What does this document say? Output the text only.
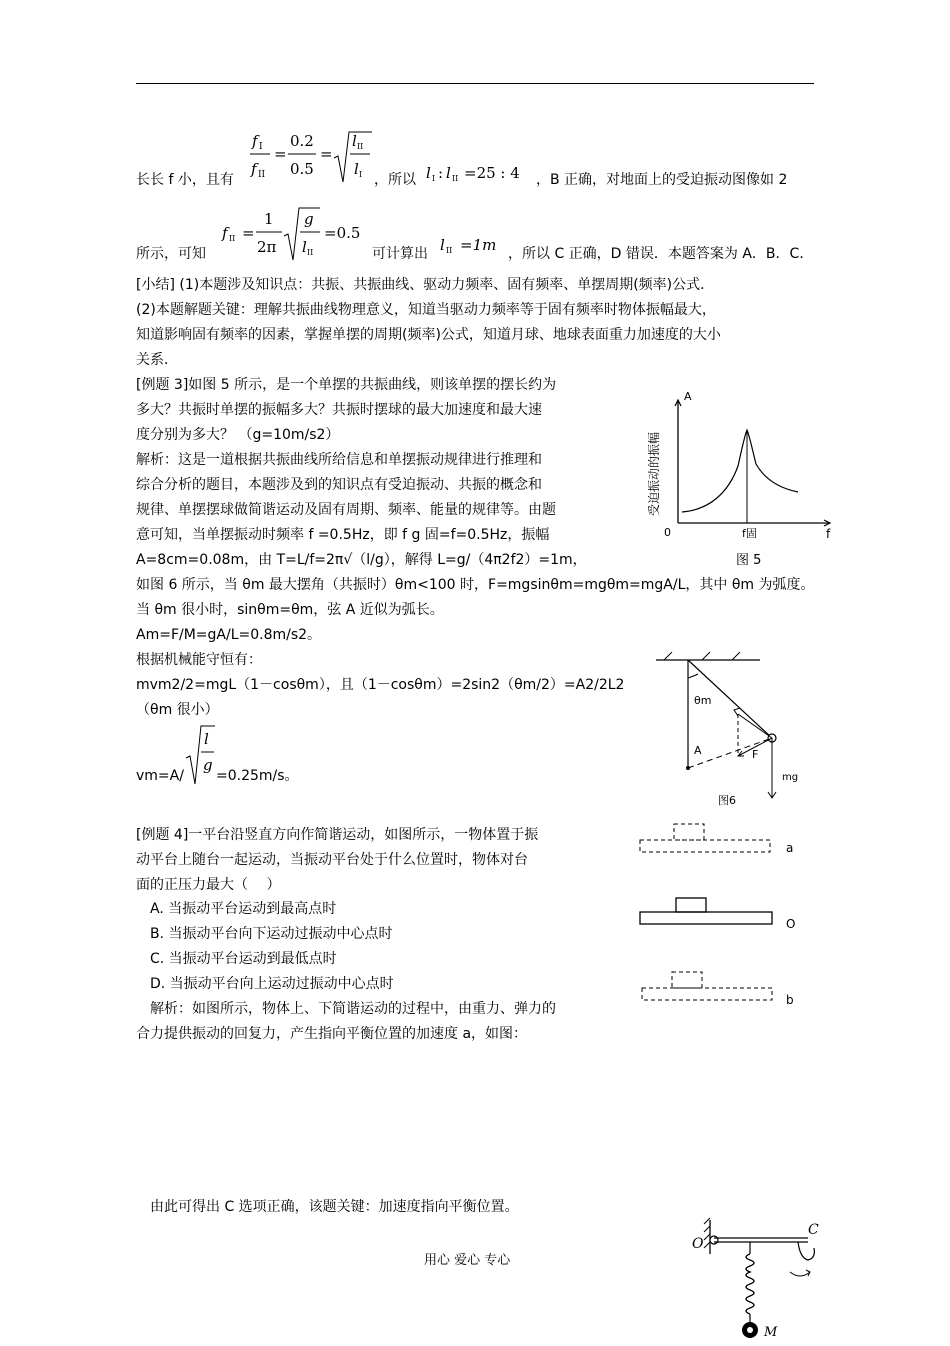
长长 f 小，且有
f I
f II
=
0.2
0.5
=
l II
l I ，所以 l I : l II =25 : 4 ，B 正确，对地面上的受迫振动图像如 2
所示，可知
f II =
1
2π
g
l II
=0.5
可计算出 l II =1m ，所以 C 正确，D 错误．本题答案为 A．B．C．
[小结] (1)本题涉及知识点：共振、共振曲线、驱动力频率、固有频率、单摆周期(频率)公式．
(2)本题解题关键：理解共振曲线物理意义，知道当驱动力频率等于固有频率时物体振幅最大，
知道影响固有频率的因素，掌握单摆的周期(频率)公式，知道月球、地球表面重力加速度的大小
关系．
[例题 3]如图 5 所示，是一个单摆的共振曲线，则该单摆的摆长约为
多大？共振时单摆的振幅多大？共振时摆球的最大加速度和最大速
度分别为多大？ （g=10m/s2）
解析：这是一道根据共振曲线所给信息和单摆振动规律进行推理和
综合分析的题目，本题涉及到的知识点有受迫振动、共振的概念和
规律、单摆摆球做简谐运动及固有周期、频率、能量的规律等。由题
意可知，当单摆振动时频率 f =0.5Hz，即 f g 固=f=0.5Hz，振幅
A=8cm=0.08m，由 T=L/f=2π√（l/g），解得 L=g/（4π2f2）=1m，
如图 6 所示，当 θm 最大摆角（共振时）θm<100 时，F=mgsinθm=mgθm=mgA/L，其中 θm 为弧度。
当 θm 很小时，sinθm=θm，弦 A 近似为弧长。
Am=F/M=gA/L=0.8m/s2。
根据机械能守恒有：
mvm2/2=mgL（1－cosθm），且（1－cosθm）=2sin2（θm/2）=A2/2L2
（θm 很小）
vm=A/
l
g
=0.25m/s。
A
受迫振动的振幅
0	f
f固
图 5
θm
A	F
mg
图6
[例题 4]一平台沿竖直方向作简谐运动，如图所示，一物体置于振
动平台上随台一起运动，当振动平台处于什么位置时，物体对台
面的正压力最大（　 ）
A. 当振动平台运动到最高点时
B. 当振动平台向下运动过振动中心点时
C. 当振动平台运动到最低点时
D. 当振动平台向上运动过振动中心点时
解析：如图所示，物体上、下简谐运动的过程中，由重力、弹力的
合力提供振动的回复力，产生指向平衡位置的加速度 a，如图：
a
O
b
由此可得出 C 选项正确，该题关键：加速度指向平衡位置。
用心 爱心 专心
O
C
M
